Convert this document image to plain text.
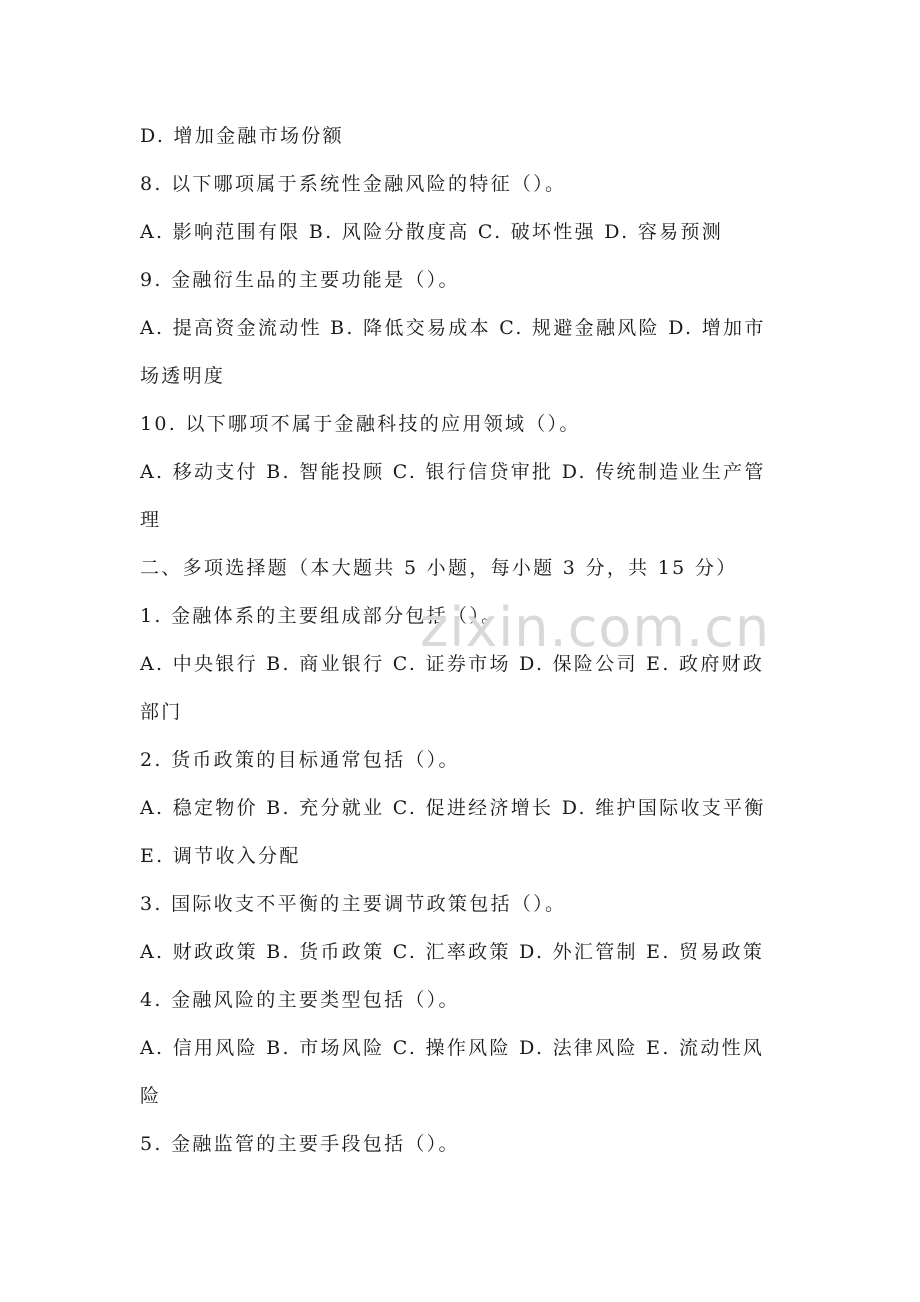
D. 增加金融市场份额
8. 以下哪项属于系统性金融风险的特征（）。
A. 影响范围有限 B. 风险分散度高 C. 破坏性强 D. 容易预测
9. 金融衍生品的主要功能是（）。
A. 提高资金流动性 B. 降低交易成本 C. 规避金融风险 D. 增加市
场透明度
10. 以下哪项不属于金融科技的应用领域（）。
A. 移动支付 B. 智能投顾 C. 银行信贷审批 D. 传统制造业生产管
理
二、多项选择题（本大题共 5 小题，每小题 3 分，共 15 分）
1. 金融体系的主要组成部分包括（）。
A. 中央银行 B. 商业银行 C. 证券市场 D. 保险公司 E. 政府财政
部门
2. 货币政策的目标通常包括（）。
A. 稳定物价 B. 充分就业 C. 促进经济增长 D. 维护国际收支平衡
E. 调节收入分配
3. 国际收支不平衡的主要调节政策包括（）。
A. 财政政策 B. 货币政策 C. 汇率政策 D. 外汇管制 E. 贸易政策
4. 金融风险的主要类型包括（）。
A. 信用风险 B. 市场风险 C. 操作风险 D. 法律风险 E. 流动性风
险
5. 金融监管的主要手段包括（）。
zixin.com.cn
